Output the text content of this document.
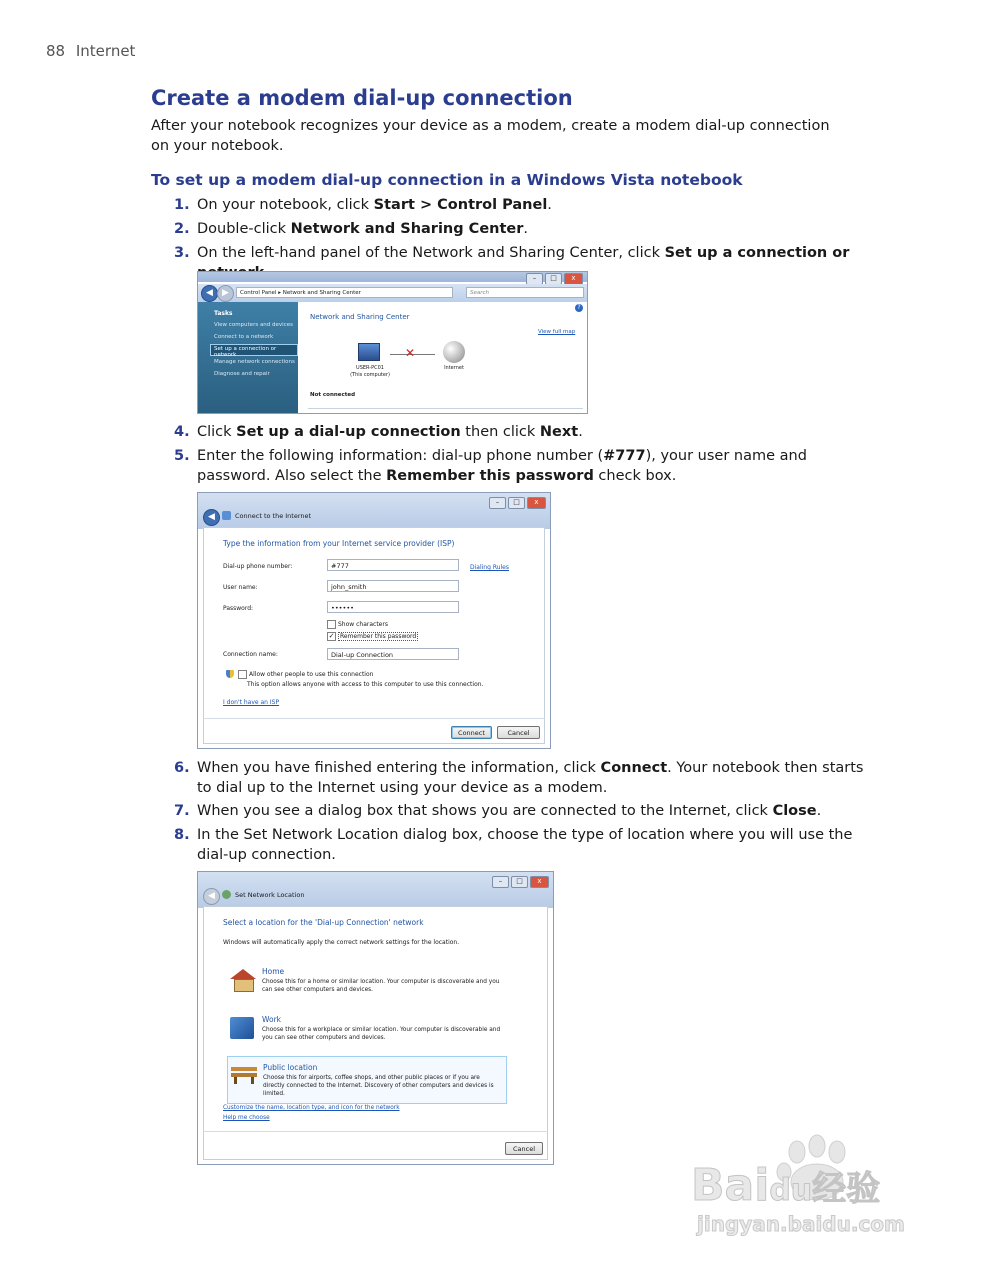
88 Internet
Create a modem dial-up connection

After your notebook recognizes your device as a modem, create a modem dial-up connection on your notebook.

To set up a modem dial-up connection in a Windows Vista notebook
1. On your notebook, click Start > Control Panel.
2. Double-click Network and Sharing Center.
3. On the left-hand panel of the Network and Sharing Center, click Set up a connection or
–	□	x
◀	▶	Control Panel ▸ Network and Sharing Center	Search
Tasks
View computers and devices
Connect to a network
Set up a connection or network
Manage network connections
Diagnose and repair
Network and Sharing Center
View full map
?
✕
USER-PC01
(This computer)
Internet
Not connected
4. Click Set up a dial-up connection then click Next.
5. Enter the following information: dial-up phone number (#777), your user name and password. Also select the Remember this password check box.
–	□	x
◀	Connect to the Internet
Type the information from your Internet service provider (ISP)
Dial-up phone number:	#777	Dialing Rules
User name:	john_smith
Password:	••••••
Show characters
✓ Remember this password
Connection name:	Dial-up Connection
Allow other people to use this connection
This option allows anyone with access to this computer to use this connection.
I don't have an ISP
Connect	Cancel
6. When you have finished entering the information, click Connect. Your notebook then starts to dial up to the Internet using your device as a modem.
7. When you see a dialog box that shows you are connected to the Internet, click Close.
8. In the Set Network Location dialog box, choose the type of location where you will use the dial-up connection.
–	□	x
◀	Set Network Location
Select a location for the 'Dial-up Connection' network
Windows will automatically apply the correct network settings for the location.
Home
Choose this for a home or similar location. Your computer is discoverable and you can see other computers and devices.
Work
Choose this for a workplace or similar location. Your computer is discoverable and you can see other computers and devices.
Public location
Choose this for airports, coffee shops, and other public places or if you are directly connected to the Internet. Discovery of other computers and devices is limited.
Customize the name, location type, and icon for the network
Help me choose
Cancel
Baidu经验
jingyan.baidu.com
